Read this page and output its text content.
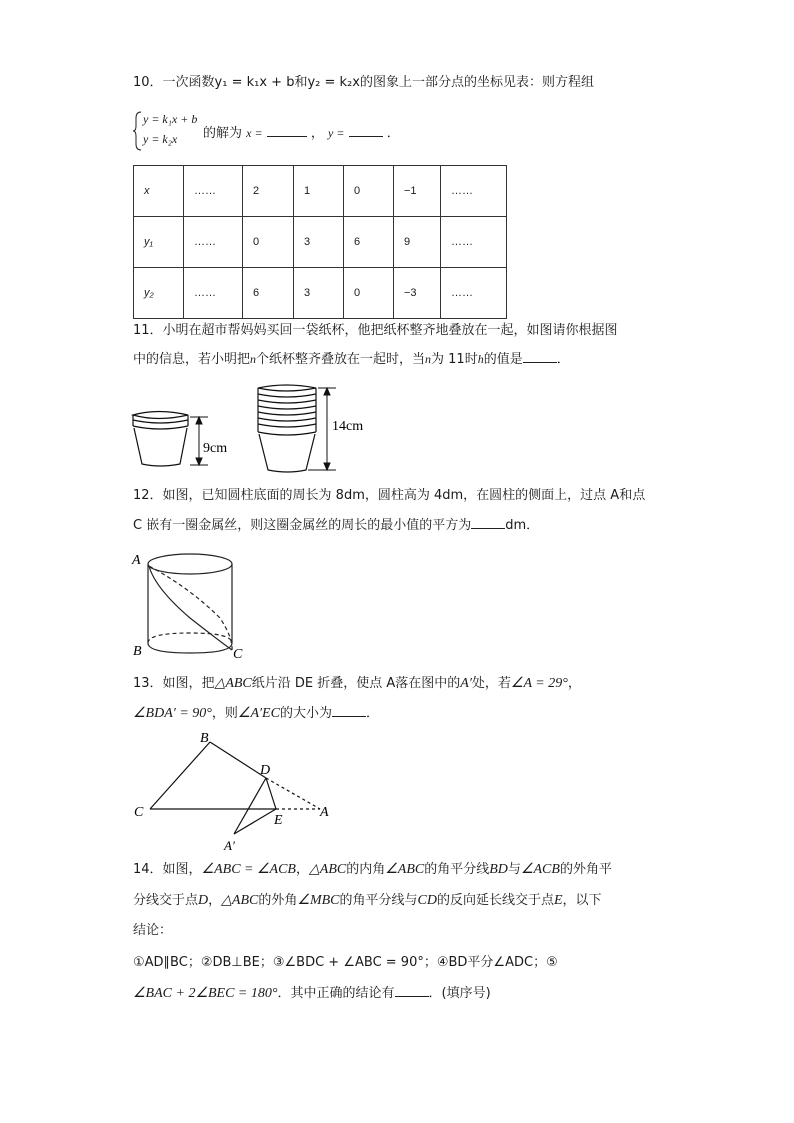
10．一次函数y₁ = k₁x + b和y₂ = k₂x的图象上一部分点的坐标见表：则方程组
y = k₁x + b
y = k₂x 的解为 x =	， y =	．
x	……	2	1	0	−1	……
y₁	……	0	3	6	9	……
y₂	……	6	3	0	−3	……
11．小明在超市帮妈妈买回一袋纸杯，他把纸杯整齐地叠放在一起，如图请你根据图
中的信息，若小明把n个纸杯整齐叠放在一起时，当n为 11时h的值是	．
9cm
14cm
12．如图，已知圆柱底面的周长为 8dm，圆柱高为 4dm，在圆柱的侧面上，过点 A和点
C 嵌有一圈金属丝，则这圈金属丝的周长的最小值的平方为	dm．
A
B	C
13．如图，把△ABC纸片沿 DE 折叠，使点 A落在图中的A′处，若∠A = 29°，
∠BDA′ = 90°，则∠A′EC的大小为	．
B
D
C
E
A
A′
14．如图，∠ABC = ∠ACB，△ABC的内角∠ABC的角平分线BD与∠ACB的外角平
分线交于点D，△ABC的外角∠MBC的角平分线与CD的反向延长线交于点E，以下
结论：
①AD∥BC；②DB⊥BE；③∠BDC + ∠ABC = 90°；④BD平分∠ADC；⑤
∠BAC + 2∠BEC = 180°．其中正确的结论有	．(填序号)
